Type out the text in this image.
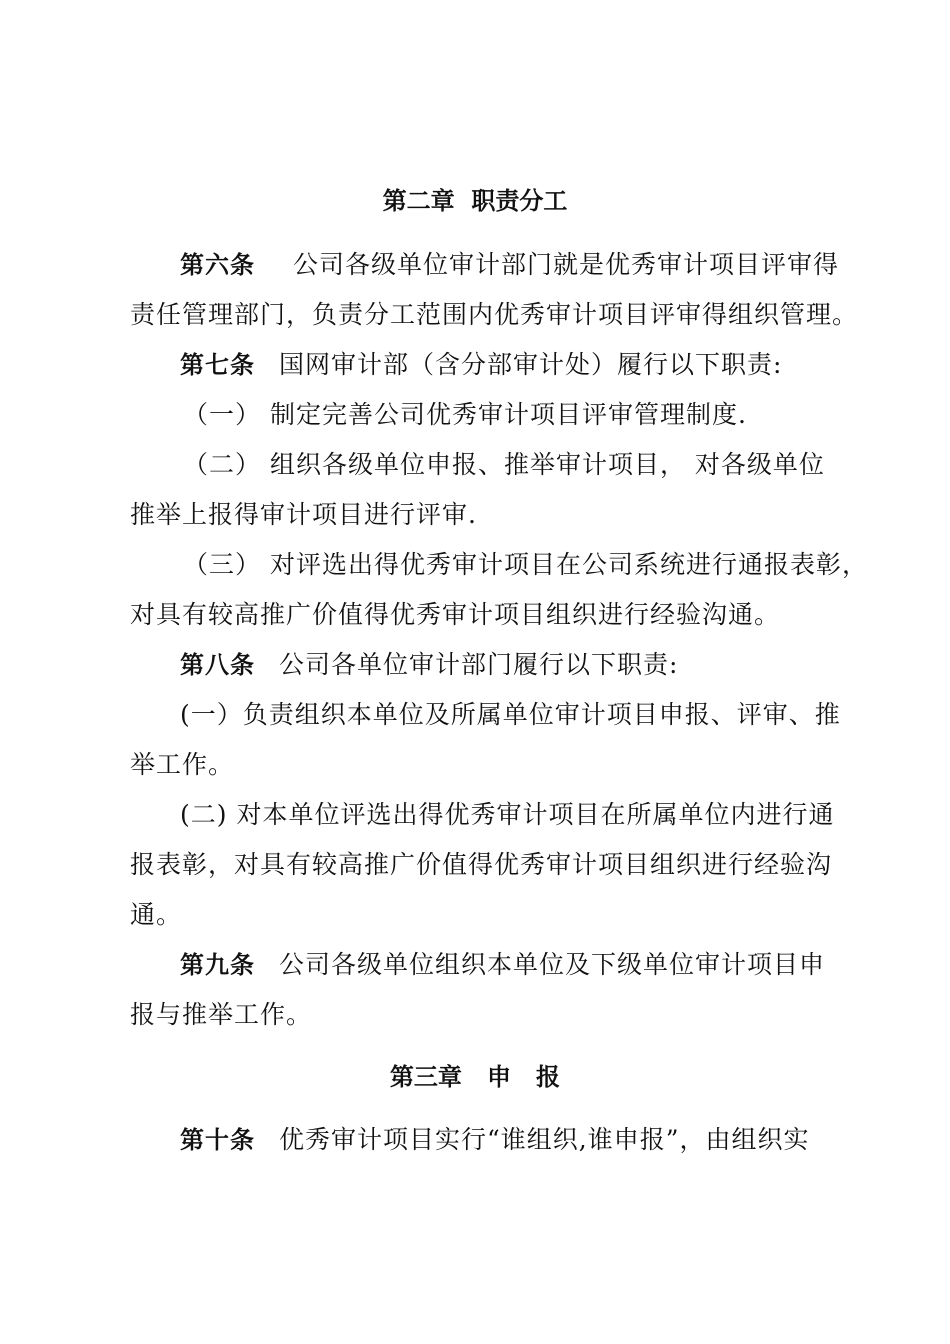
第二章  职责分工
第六条 公司各级单位审计部门就是优秀审计项目评审得
责任管理部门，负责分工范围内优秀审计项目评审得组织管理。
第七条 国网审计部（含分部审计处）履行以下职责:
（一） 制定完善公司优秀审计项目评审管理制度.
（二） 组织各级单位申报、推举审计项目， 对各级单位
推举上报得审计项目进行评审.
（三） 对评选出得优秀审计项目在公司系统进行通报表彰，
对具有较高推广价值得优秀审计项目组织进行经验沟通。
第八条 公司各单位审计部门履行以下职责:
(一）负责组织本单位及所属单位审计项目申报、评审、推
举工作。
(二) 对本单位评选出得优秀审计项目在所属单位内进行通
报表彰，对具有较高推广价值得优秀审计项目组织进行经验沟
通。
第九条 公司各级单位组织本单位及下级单位审计项目申
报与推举工作。
第三章   申   报
第十条 优秀审计项目实行“谁组织,谁申报”，由组织实
